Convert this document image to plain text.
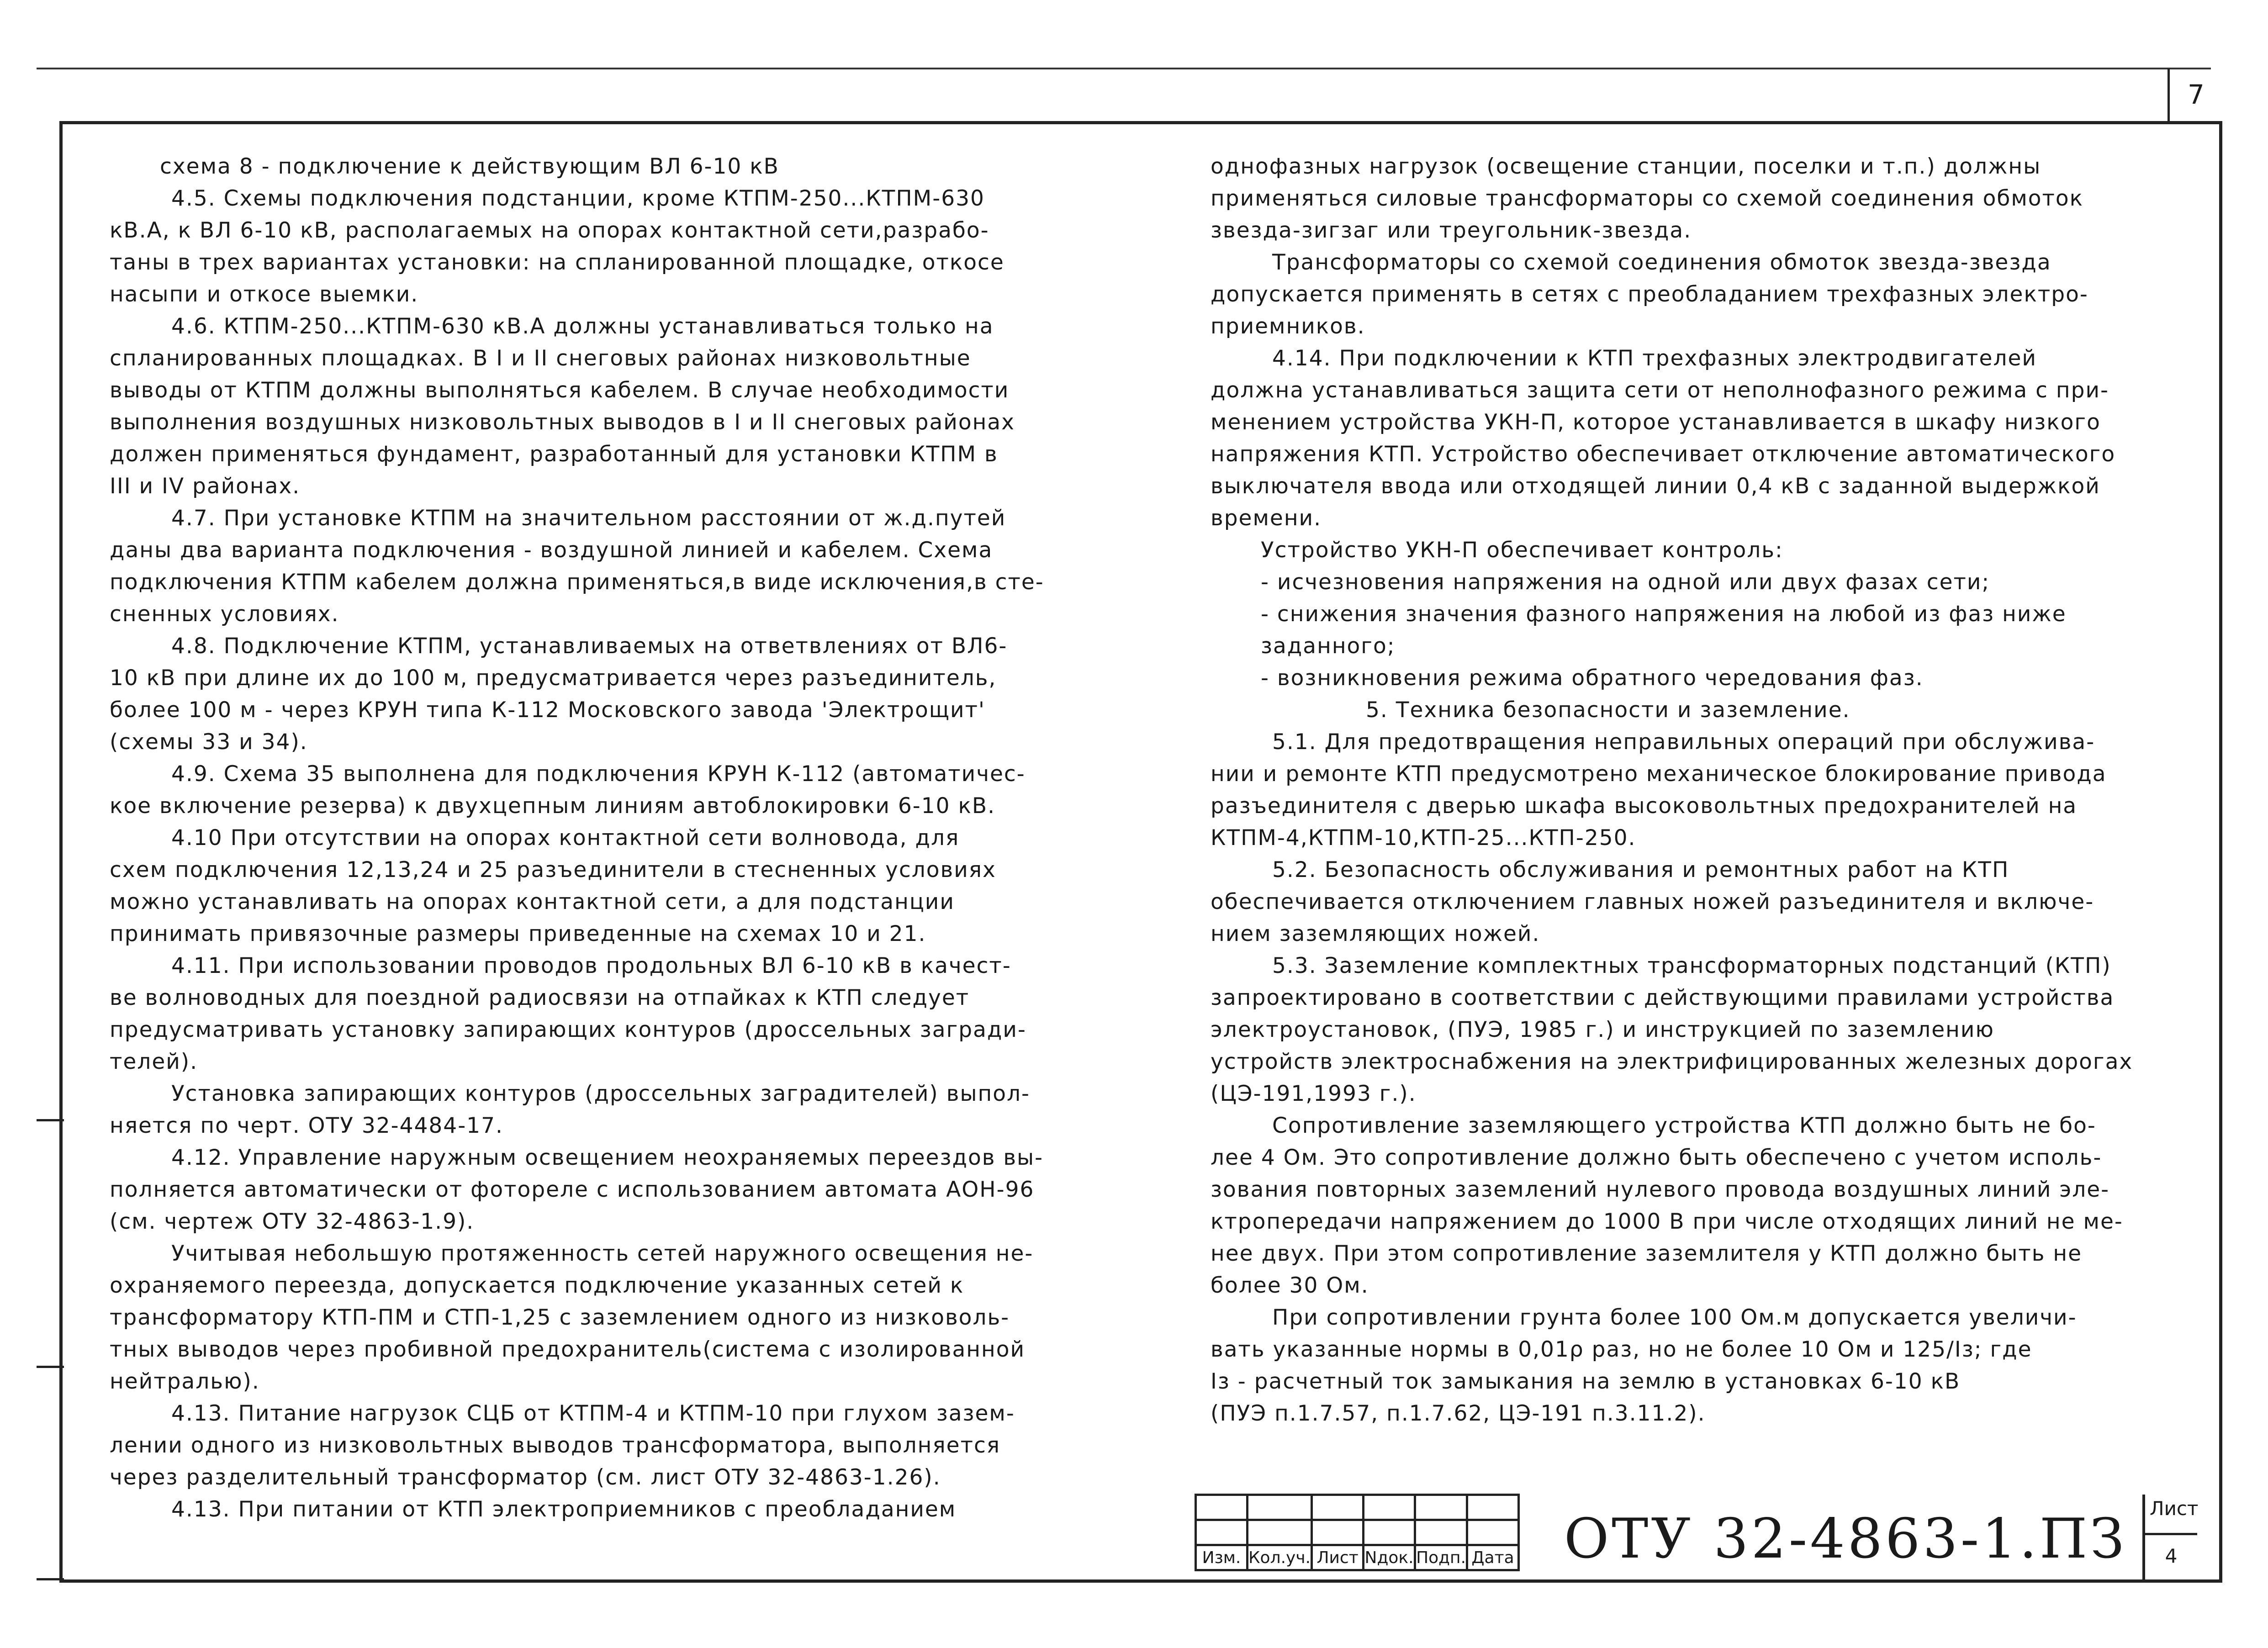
7

схема 8 - подключение к действующим ВЛ 6-10 кВ

4.5. Схемы подключения подстанции, кроме КТПМ-250...КТПМ-630

кВ.А, к ВЛ 6-10 кВ, располагаемых на опорах контактной сети,разрабо-

таны в трех вариантах установки: на спланированной площадке, откосе

насыпи и откосе выемки.

4.6. КТПМ-250...КТПМ-630 кВ.А должны устанавливаться только на

спланированных площадках. В I и II снеговых районах низковольтные

выводы от КТПМ должны выполняться кабелем. В случае необходимости

выполнения воздушных низковольтных выводов в I и II снеговых районах

должен применяться фундамент, разработанный для установки КТПМ в

III и IV районах.

4.7. При установке КТПМ на значительном расстоянии от ж.д.путей

даны два варианта подключения - воздушной линией и кабелем. Схема

подключения КТПМ кабелем должна применяться,в виде исключения,в сте-

сненных условиях.

4.8. Подключение КТПМ, устанавливаемых на ответвлениях от ВЛ6-

10 кВ при длине их до 100 м, предусматривается через разъединитель,

более 100 м - через КРУН типа К-112 Московского завода 'Электрощит'

(схемы 33 и 34).

4.9. Схема 35 выполнена для подключения КРУН К-112 (автоматичес-

кое включение резерва) к двухцепным линиям автоблокировки 6-10 кВ.

4.10 При отсутствии на опорах контактной сети волновода, для

схем подключения 12,13,24 и 25 разъединители в стесненных условиях

можно устанавливать на опорах контактной сети, а для подстанции

принимать привязочные размеры приведенные на схемах 10 и 21.

4.11. При использовании проводов продольных ВЛ 6-10 кВ в качест-

ве волноводных для поездной радиосвязи на отпайках к КТП следует

предусматривать установку запирающих контуров (дроссельных загради-

телей).

Установка запирающих контуров (дроссельных заградителей) выпол-

няется по черт. ОТУ 32-4484-17.

4.12. Управление наружным освещением неохраняемых переездов вы-

полняется автоматически от фотореле с использованием автомата АОН-96

(см. чертеж ОТУ 32-4863-1.9).

Учитывая небольшую протяженность сетей наружного освещения не-

охраняемого переезда, допускается подключение указанных сетей к

трансформатору КТП-ПМ и СТП-1,25 с заземлением одного из низковоль-

тных выводов через пробивной предохранитель(система с изолированной

нейтралью).

4.13. Питание нагрузок СЦБ от КТПМ-4 и КТПМ-10 при глухом зазем-

лении одного из низковольтных выводов трансформатора, выполняется

через разделительный трансформатор (см. лист ОТУ 32-4863-1.26).

4.13. При питании от КТП электроприемников с преобладанием

однофазных нагрузок (освещение станции, поселки и т.п.) должны

применяться силовые трансформаторы со схемой соединения обмоток

звезда-зигзаг или треугольник-звезда.

Трансформаторы со схемой соединения обмоток звезда-звезда

допускается применять в сетях с преобладанием трехфазных электро-

приемников.

4.14. При подключении к КТП трехфазных электродвигателей

должна устанавливаться защита сети от неполнофазного режима с при-

менением устройства УКН-П, которое устанавливается в шкафу низкого

напряжения КТП. Устройство обеспечивает отключение автоматического

выключателя ввода или отходящей линии 0,4 кВ с заданной выдержкой

времени.

Устройство УКН-П обеспечивает контроль:

- исчезновения напряжения на одной или двух фазах сети;

- снижения значения фазного напряжения на любой из фаз ниже

заданного;

- возникновения режима обратного чередования фаз.

5. Техника безопасности и заземление.

5.1. Для предотвращения неправильных операций при обслужива-

нии и ремонте КТП предусмотрено механическое блокирование привода

разъединителя с дверью шкафа высоковольтных предохранителей на

КТПМ-4,КТПМ-10,КТП-25...КТП-250.

5.2. Безопасность обслуживания и ремонтных работ на КТП

обеспечивается отключением главных ножей разъединителя и включе-

нием заземляющих ножей.

5.3. Заземление комплектных трансформаторных подстанций (КТП)

запроектировано в соответствии с действующими правилами устройства

электроустановок, (ПУЭ, 1985 г.) и инструкцией по заземлению

устройств электроснабжения на электрифицированных железных дорогах

(ЦЭ-191,1993 г.).

Сопротивление заземляющего устройства КТП должно быть не бо-

лее 4 Ом. Это сопротивление должно быть обеспечено с учетом исполь-

зования повторных заземлений нулевого провода воздушных линий эле-

ктропередачи напряжением до 1000 В при числе отходящих линий не ме-

нее двух. При этом сопротивление заземлителя у КТП должно быть не

более 30 Ом.

При сопротивлении грунта более 100 Ом.м допускается увеличи-

вать указанные нормы в 0,01ρ раз, но не более 10 Ом и 125/Iз; где

Iз - расчетный ток замыкания на землю в установках 6-10 кВ

(ПУЭ п.1.7.57, п.1.7.62, ЦЭ-191 п.3.11.2).

Изм.	Кол.уч.	Лист	Nдок.	Подп.	Дата ОТУ 32-4863-1.ПЗ	Лист
4
